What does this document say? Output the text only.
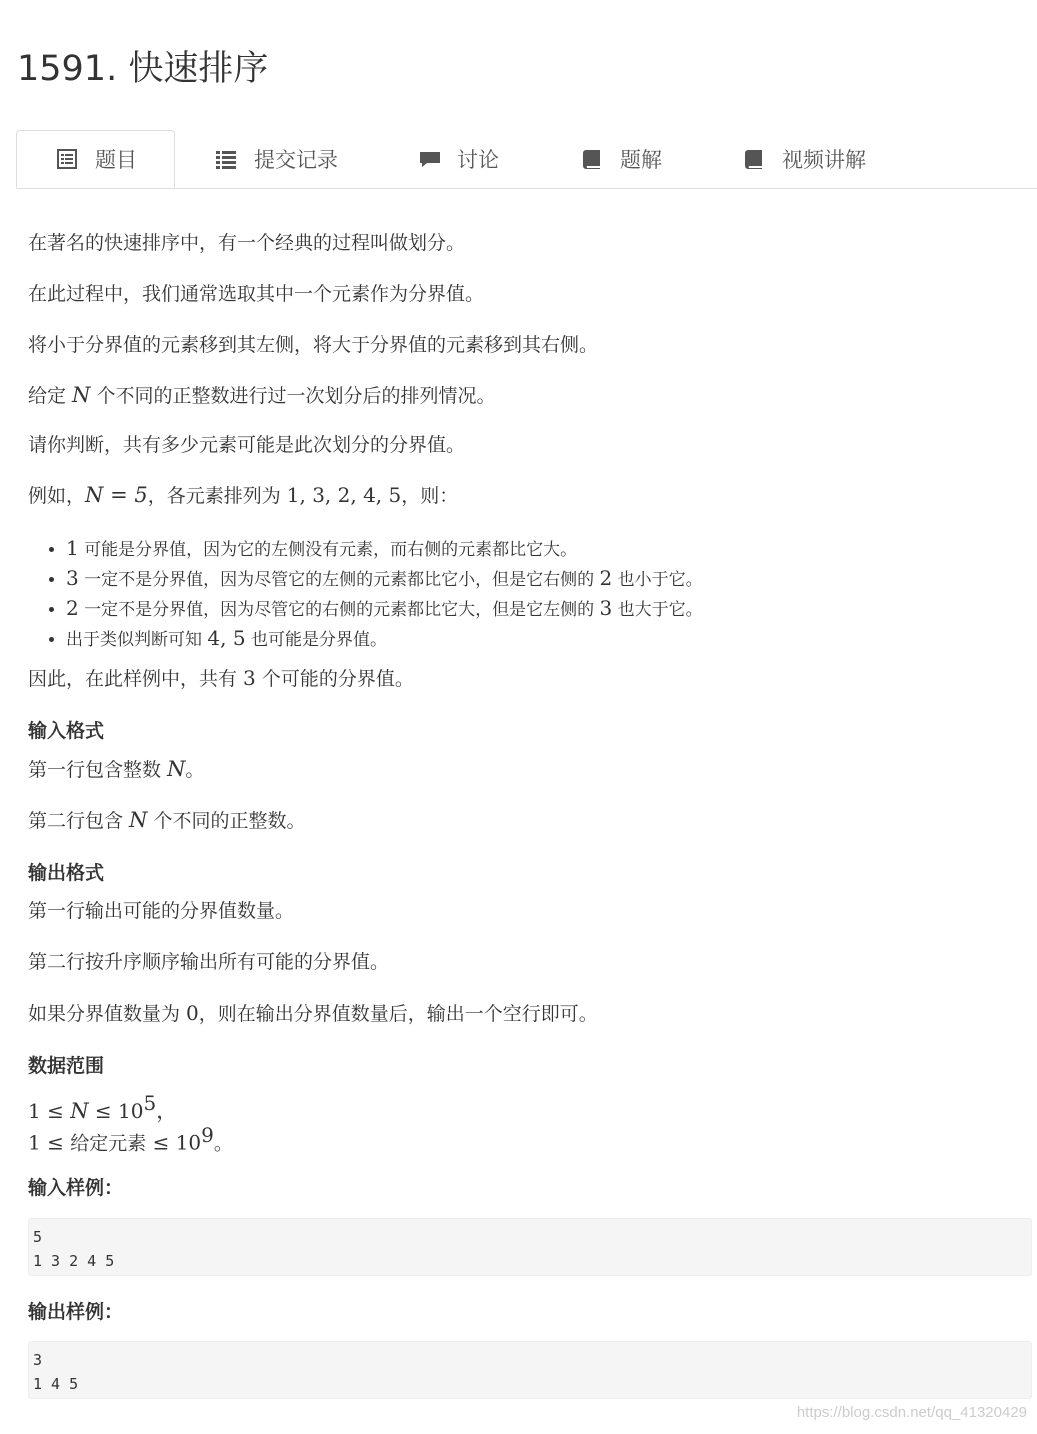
1591. 快速排序
题目	提交记录	讨论	题解	视频讲解

在著名的快速排序中，有一个经典的过程叫做划分。

在此过程中，我们通常选取其中一个元素作为分界值。

将小于分界值的元素移到其左侧，将大于分界值的元素移到其右侧。

给定 N 个不同的正整数进行过一次划分后的排列情况。

请你判断，共有多少元素可能是此次划分的分界值。

例如，N = 5，各元素排列为 1, 3, 2, 4, 5，则：

• 1 可能是分界值，因为它的左侧没有元素，而右侧的元素都比它大。
• 3 一定不是分界值，因为尽管它的左侧的元素都比它小，但是它右侧的 2 也小于它。
• 2 一定不是分界值，因为尽管它的右侧的元素都比它大，但是它左侧的 3 也大于它。
• 出于类似判断可知 4, 5 也可能是分界值。

因此，在此样例中，共有 3 个可能的分界值。

输入格式

第一行包含整数 N。

第二行包含 N 个不同的正整数。

输出格式

第一行输出可能的分界值数量。

第二行按升序顺序输出所有可能的分界值。

如果分界值数量为 0，则在输出分界值数量后，输出一个空行即可。

数据范围

$1 \le N \le 10^5$，

1 ≤ 给定元素 ≤ $10^9$。

输入样例：
5
1 3 2 4 5
输出样例：
3
1 4 5
https://blog.csdn.net/qq_41320429
